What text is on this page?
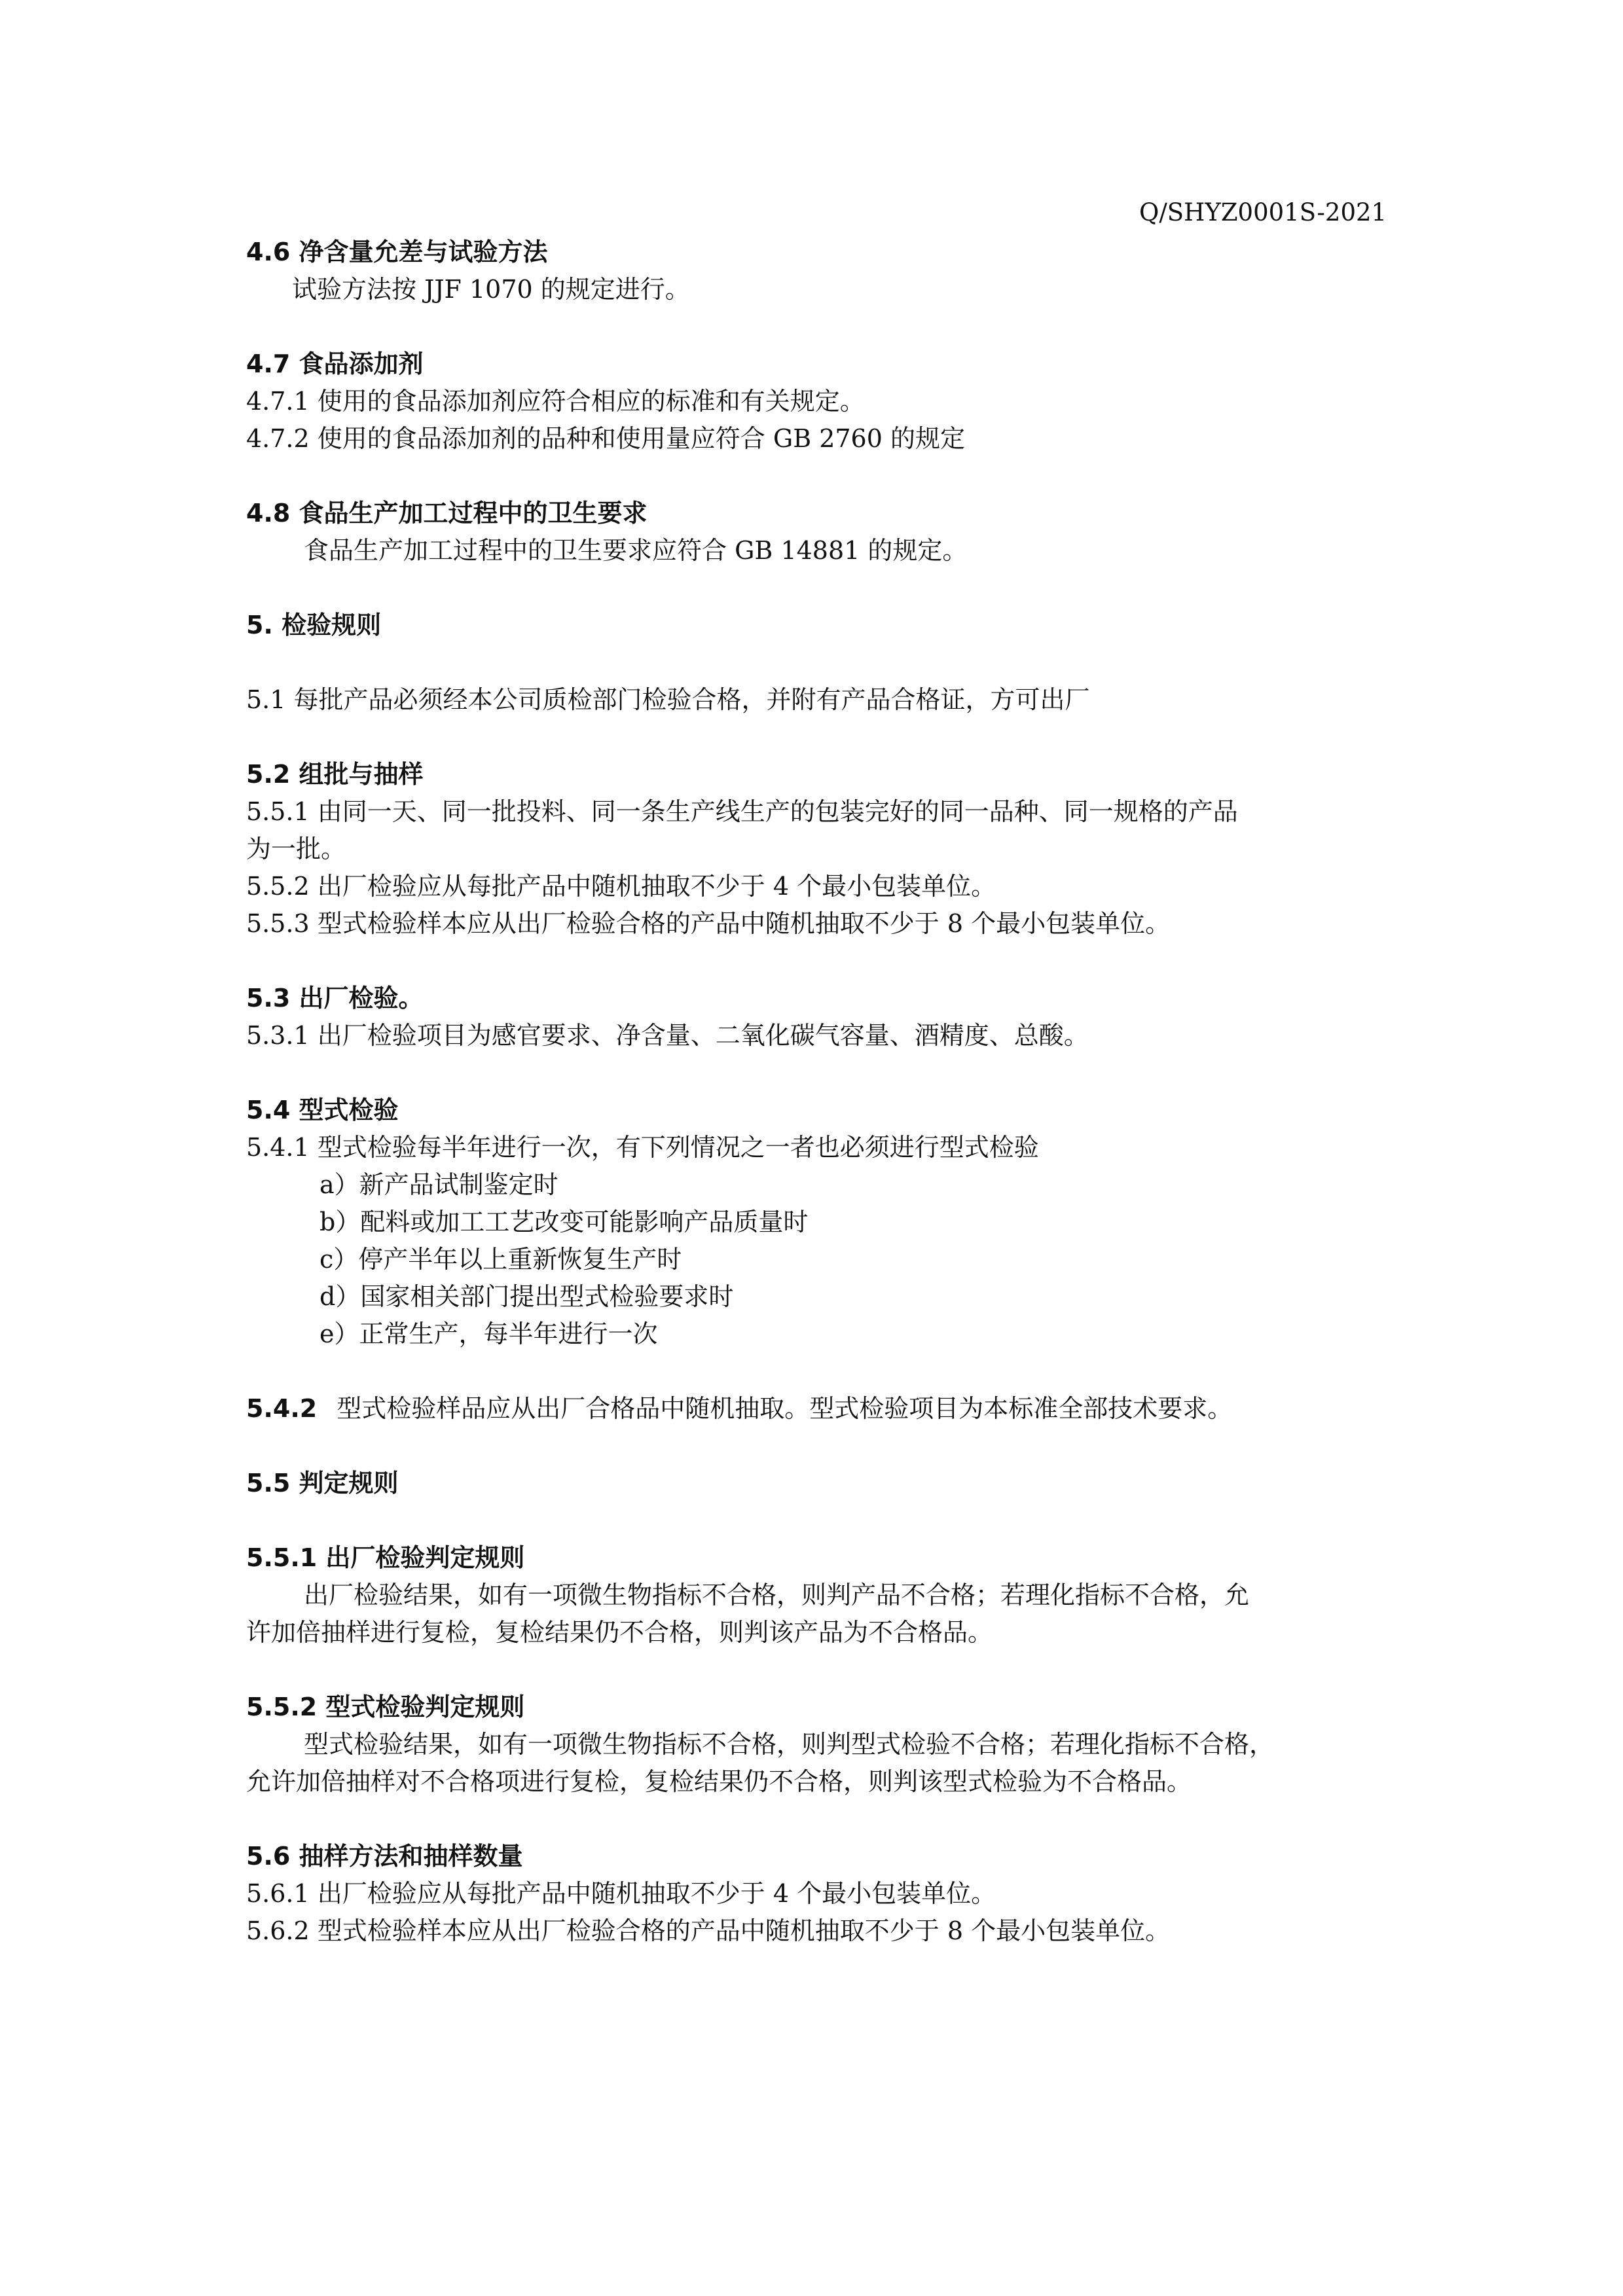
Q/SHYZ0001S-2021

4.6 净含量允差与试验方法

试验方法按 JJF 1070 的规定进行。

4.7 食品添加剂

4.7.1 使用的食品添加剂应符合相应的标准和有关规定。

4.7.2 使用的食品添加剂的品种和使用量应符合 GB 2760 的规定

4.8 食品生产加工过程中的卫生要求

食品生产加工过程中的卫生要求应符合 GB 14881 的规定。

5. 检验规则

5.1 每批产品必须经本公司质检部门检验合格，并附有产品合格证，方可出厂

5.2 组批与抽样

5.5.1 由同一天、同一批投料、同一条生产线生产的包装完好的同一品种、同一规格的产品

为一批。

5.5.2 出厂检验应从每批产品中随机抽取不少于 4 个最小包装单位。

5.5.3 型式检验样本应从出厂检验合格的产品中随机抽取不少于 8 个最小包装单位。

5.3 出厂检验。

5.3.1 出厂检验项目为感官要求、净含量、二氧化碳气容量、酒精度、总酸。

5.4 型式检验

5.4.1 型式检验每半年进行一次，有下列情况之一者也必须进行型式检验

a）新产品试制鉴定时

b）配料或加工工艺改变可能影响产品质量时

c）停产半年以上重新恢复生产时

d）国家相关部门提出型式检验要求时

e）正常生产，每半年进行一次

5.4.2 型式检验样品应从出厂合格品中随机抽取。型式检验项目为本标准全部技术要求。

5.5 判定规则

5.5.1 出厂检验判定规则

出厂检验结果，如有一项微生物指标不合格，则判产品不合格；若理化指标不合格，允

许加倍抽样进行复检，复检结果仍不合格，则判该产品为不合格品。

5.5.2 型式检验判定规则

型式检验结果，如有一项微生物指标不合格，则判型式检验不合格；若理化指标不合格，

允许加倍抽样对不合格项进行复检，复检结果仍不合格，则判该型式检验为不合格品。

5.6 抽样方法和抽样数量

5.6.1 出厂检验应从每批产品中随机抽取不少于 4 个最小包装单位。

5.6.2 型式检验样本应从出厂检验合格的产品中随机抽取不少于 8 个最小包装单位。
